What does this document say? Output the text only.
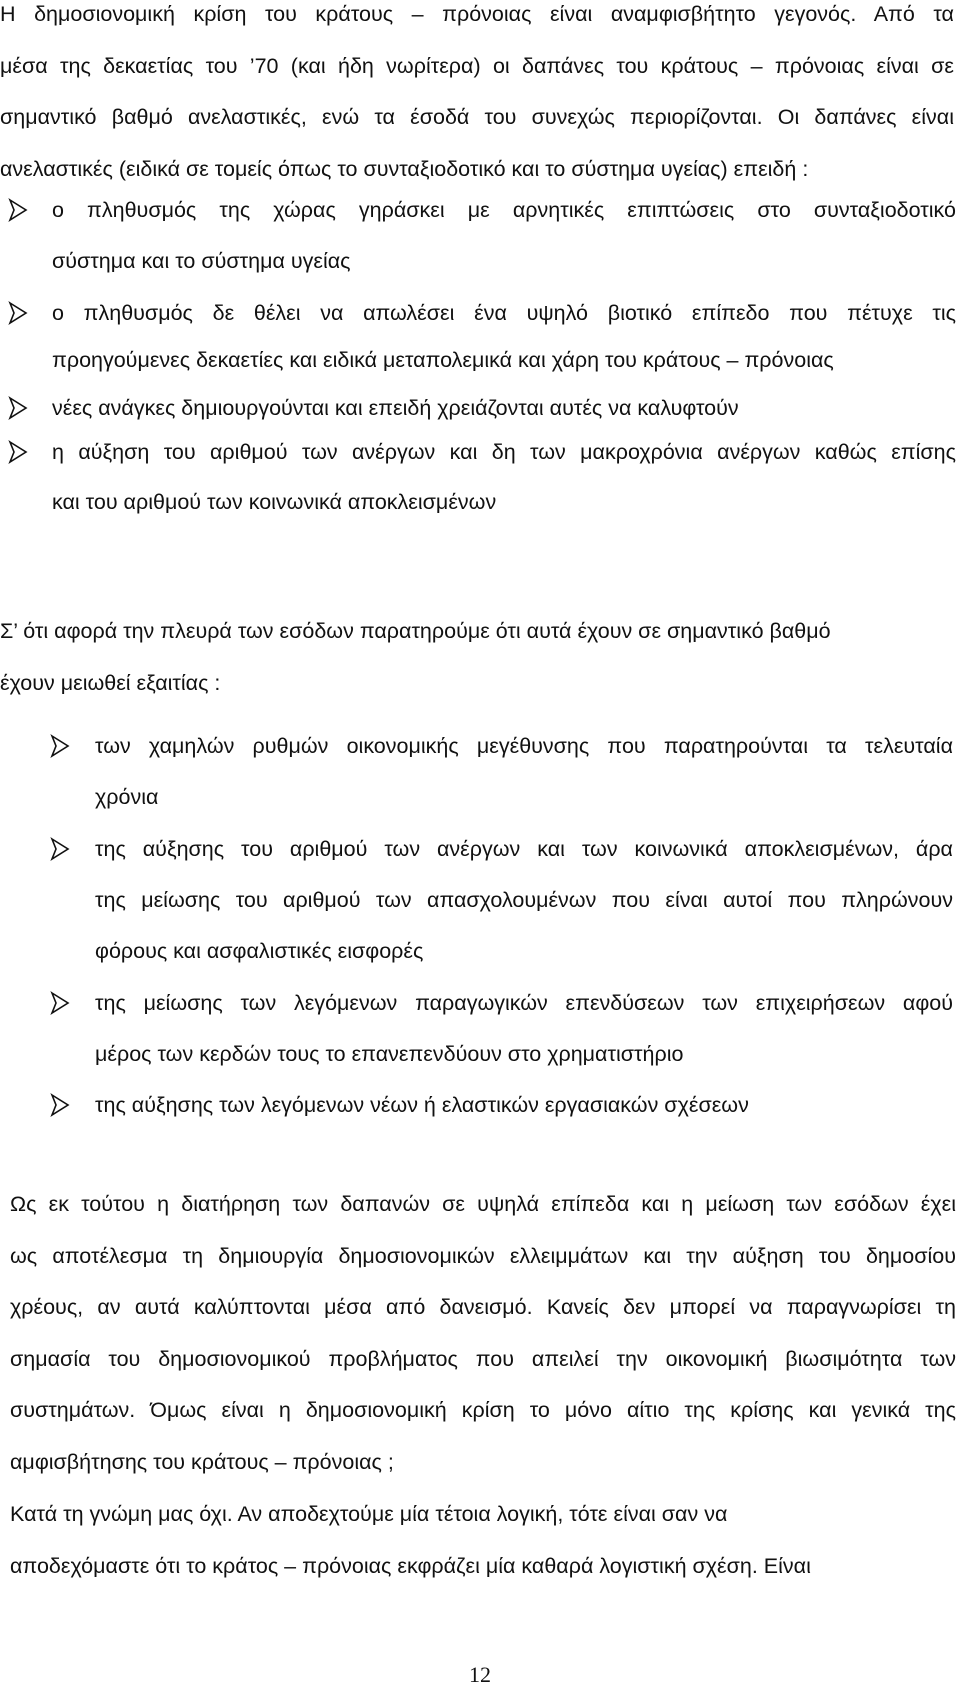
Η δημοσιονομική κρίση του κράτους – πρόνοιας είναι αναμφισβήτητο γεγονός. Από τα
μέσα της δεκαετίας του ’70 (και ήδη νωρίτερα) οι δαπάνες του κράτους – πρόνοιας είναι σε
σημαντικό βαθμό ανελαστικές, ενώ τα έσοδά του συνεχώς περιορίζονται. Οι δαπάνες είναι
ανελαστικές (ειδικά σε τομείς όπως το συνταξιοδοτικό και το σύστημα υγείας) επειδή :
ο πληθυσμός της χώρας γηράσκει με αρνητικές επιπτώσεις στο συνταξιοδοτικό
σύστημα και το σύστημα υγείας
ο πληθυσμός δε θέλει να απωλέσει ένα υψηλό βιοτικό επίπεδο που πέτυχε τις
προηγούμενες δεκαετίες και ειδικά μεταπολεμικά και χάρη του κράτους – πρόνοιας
νέες ανάγκες δημιουργούνται και επειδή χρειάζονται αυτές να καλυφτούν
η αύξηση του αριθμού των ανέργων και δη των μακροχρόνια ανέργων καθώς επίσης
και του αριθμού των κοινωνικά αποκλεισμένων
Σ’ ότι αφορά την πλευρά των εσόδων παρατηρούμε ότι αυτά έχουν σε σημαντικό βαθμό
έχουν μειωθεί εξαιτίας :
των χαμηλών ρυθμών οικονομικής μεγέθυνσης που παρατηρούνται τα τελευταία
χρόνια
της αύξησης του αριθμού των ανέργων και των κοινωνικά αποκλεισμένων, άρα
της μείωσης του αριθμού των απασχολουμένων που είναι αυτοί που πληρώνουν
φόρους και ασφαλιστικές εισφορές
της μείωσης των λεγόμενων παραγωγικών επενδύσεων των επιχειρήσεων αφού
μέρος των κερδών τους το επανεπενδύουν στο χρηματιστήριο
της αύξησης των λεγόμενων νέων ή ελαστικών εργασιακών σχέσεων
Ως εκ τούτου η διατήρηση των δαπανών σε υψηλά επίπεδα και η μείωση των εσόδων έχει
ως αποτέλεσμα τη δημιουργία δημοσιονομικών ελλειμμάτων και την αύξηση του δημοσίου
χρέους, αν αυτά καλύπτονται μέσα από δανεισμό. Κανείς δεν μπορεί να παραγνωρίσει τη
σημασία του δημοσιονομικού προβλήματος που απειλεί την οικονομική βιωσιμότητα των
συστημάτων. Όμως είναι η δημοσιονομική κρίση το μόνο αίτιο της κρίσης και γενικά της
αμφισβήτησης του κράτους – πρόνοιας ;
Κατά τη γνώμη μας όχι. Αν αποδεχτούμε μία τέτοια λογική, τότε είναι σαν να
αποδεχόμαστε ότι το κράτος – πρόνοιας εκφράζει μία καθαρά λογιστική σχέση. Είναι
12
